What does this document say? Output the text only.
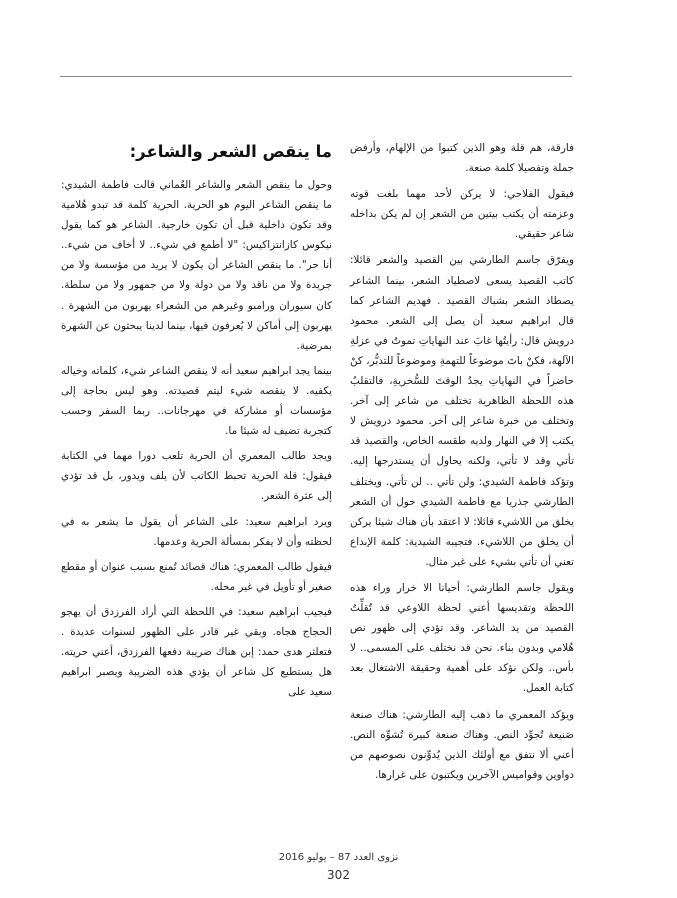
فارقة، هم قلة وهو الذين كتبوا من الإلهام، وأرفض جملة وتفصيلا كلمة صنعة.

فيقول الفلاحي: لا يركن لأحد مهما بلغت قوته وعزمته أن يكتب بيتين من الشعر إن لم يكن بداخله شاعر حقيقي.

ويفرّق جاسم الطارشي بين القصيد والشعر قائلا: كاتب القصيد يسعى لاصطياد الشعر، بينما الشاعر يصطاد الشعر بشباك القصيد . فهديم الشاعر كما قال ابراهيم سعيد أن يصل إلى الشعر. محمود درويش قال: رأيتُها غابَ عند النهاياتِ تموتُ في عزلةِ الآلهة، فكنْ باتَ موضوعاً للتهمةِ وموضوعاً للتدبُّر، كنْ حاضراً في النهاياتِ يجدُ الوقتَ للسُّخريةِ، فالتقلبُ هذه اللحظة الظاهرية تختلف من شاعر إلى آخر. وتختلف من خبرة شاعر إلى آخر. محمود درويش لا يكتب إلا في النهار ولديه طقسه الخاص، والقصيد قد تأتي وقد لا تأتي، ولكنه يحاول أن يستدرجها إليه. وتؤكد فاطمة الشيدي: ولن تأتي .. لن تأتي. ويختلف الطارشي جذريا مع فاطمة الشيدي حول أن الشعر يخلق من اللاشيء قائلا: لا اعتقد بأن هناك شيئا يركن أن يخلق من اللاشيء. فتجيبه الشيدية: كلمة الإبداع تعني أن تأتي بشيء على غير مثال.

ويقول جاسم الطارشي: أحيانا الا خرار وراء هذه اللحظة وتقديسها أعني لحظة اللاوعي قد تُقلِّتُ القصيد من يد الشاعر. وقد تؤدي إلى ظهور نص هُلامي وبدون بناء. نحن قد نختلف على المسمى.. لا بأس.. ولكن نؤكد على أهمية وحقيقة الاشتغال بعد كتابة العمل.

ويؤكد المعمري ما ذهب إليه الطارشي: هناك صنعة صَنيعة تُجوِّد النص. وهناك صنعة كبيرة تُشوِّه النص. أعني ألا نتفق مع أولئك الذين يُدوِّنون نصوصهم من دواوين وقواميس الآخرين ويكتبون على غرارها.

ما ينقص الشعر والشاعر:

وحول ما ينقص الشعر والشاعر العُماني قالت فاطمة الشيدي: ما ينقص الشاعر اليوم هو الحرية. الحرية كلمة قد تبدو هُلامية وقد تكون داخلية قبل أن تكون خارجية. الشاعر هو كما يقول نيكوس كازانتزاكيس: "لا أطمع في شيء.. لا أخاف من شيء.. أنا حر". ما ينقص الشاعر أن يكون لا يريد من مؤسسة ولا من جريدة ولا من ناقد ولا من دولة ولا من جمهور ولا من سلطة. كان سيوران ورامبو وغيرهم من الشعراء يهربون من الشهرة . يهربون إلى أماكن لا يُعرفون فيها، بينما لدينا يبحثون عن الشهرة بمرضية.

بينما يجد ابراهيم سعيد أنه لا ينقص الشاعر شيء، كلماته وخياله يكفيه. لا ينقصه شيء ليتم قصيدته. وهو ليس بحاجة إلى مؤسسات أو مشاركة في مهرجانات.. ربما السفر وحسب كتجربة تضيف له شيئا ما.

ويجد طالب المعمري أن الحرية تلعب دورا مهما في الكتابة فيقول: قلة الحرية تحبط الكاتب لأن يلف ويدور، بل قد تؤدي إلى عثرة الشعر.

ويرد ابراهيم سعيد: على الشاعر أن يقول ما يشعر به في لحظته وأن لا يفكر بمسألة الحرية وعدمها.

فيقول طالب المعمري: هناك قصائد تُمنع بسبب عنوان أو مقطع صغير أو تأويل في غير محله.

فيجيب ابراهيم سعيد: في اللحظة التي أراد الفرزدق أن يهجو الحجاج هجاه. وبقي غير قادر على الظهور لسنوات عديدة . فتعلثر هدى حمد: إبن هناك ضريبة دفعها الفرزدق، أعني حريته. هل يستطيع كل شاعر أن يؤدي هذه الضريبة ويصبر ابراهيم سعيد على

نزوى العدد 87 – يوليو 2016
302
